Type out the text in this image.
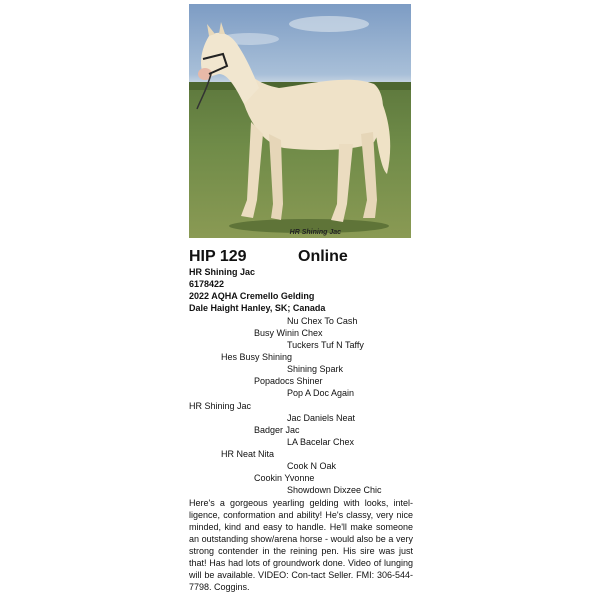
HR Shining Jac
HIP 129	Online
HR Shining Jac
6178422
2022 AQHA Cremello Gelding
Dale Haight Hanley, SK; Canada
Nu Chex To Cash
Busy Winin Chex
Tuckers Tuf N Taffy
Hes Busy Shining
Shining Spark
Popadocs Shiner
Pop A Doc Again
HR Shining Jac
Jac Daniels Neat
Badger Jac
LA Bacelar Chex
HR Neat Nita
Cook N Oak
Cookin Yvonne
Showdown Dixzee Chic

Here's a gorgeous yearling gelding with looks, intel-ligence, conformation and ability! He's classy, very nice minded, kind and easy to handle. He'll make someone an outstanding show/arena horse - would also be a very strong contender in the reining pen. His sire was just that! Has had lots of groundwork done. Video of lunging will be available. VIDEO: Con-tact Seller. FMI: 306-544-7798. Coggins.
